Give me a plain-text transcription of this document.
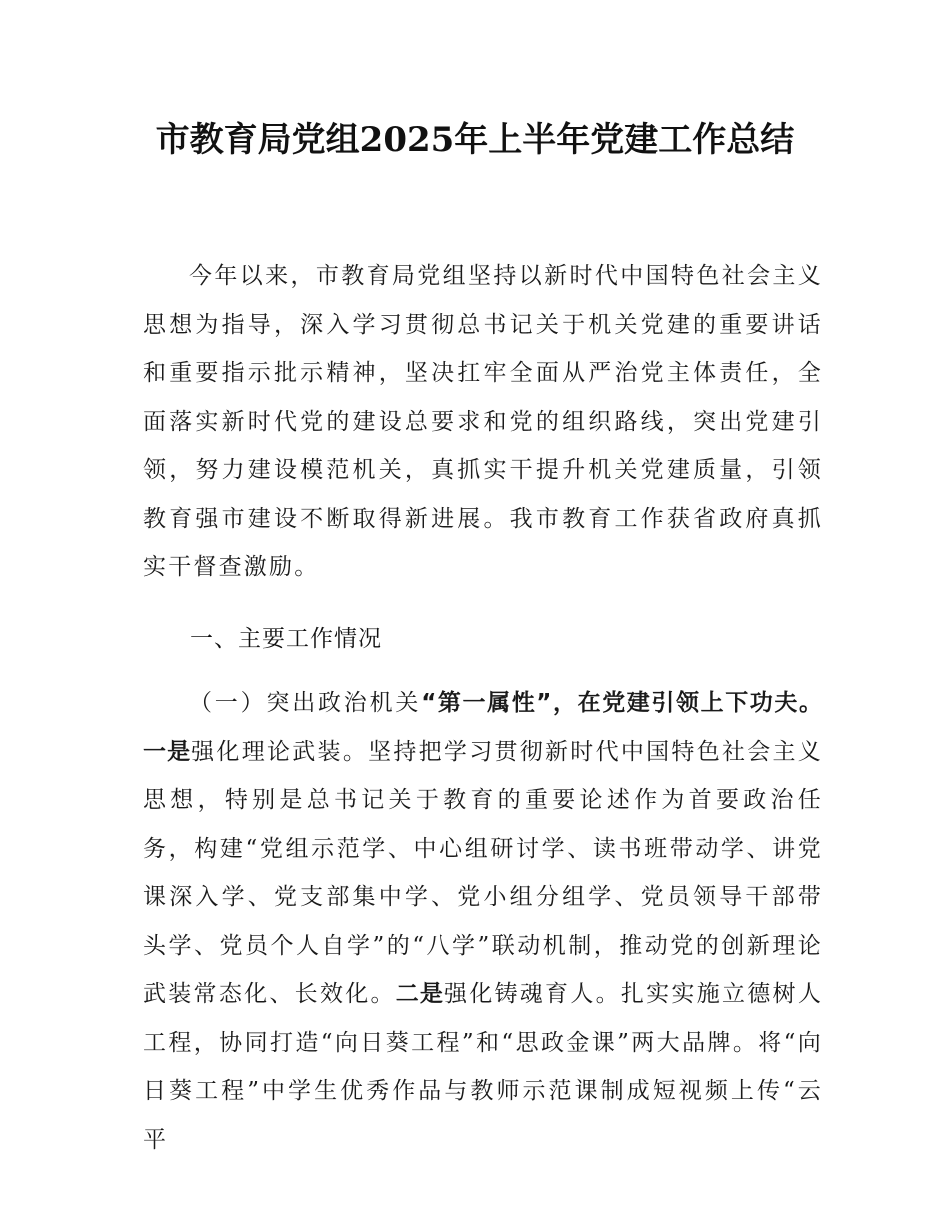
市教育局党组2025年上半年党建工作总结
今年以来，市教育局党组坚持以新时代中国特色社会主义思想为指导，深入学习贯彻总书记关于机关党建的重要讲话和重要指示批示精神，坚决扛牢全面从严治党主体责任，全面落实新时代党的建设总要求和党的组织路线，突出党建引领，努力建设模范机关，真抓实干提升机关党建质量，引领教育强市建设不断取得新进展。我市教育工作获省政府真抓实干督查激励。
一、主要工作情况
（一）突出政治机关“第一属性”，在党建引领上下功夫。一是强化理论武装。坚持把学习贯彻新时代中国特色社会主义思想，特别是总书记关于教育的重要论述作为首要政治任务，构建“党组示范学、中心组研讨学、读书班带动学、讲党课深入学、党支部集中学、党小组分组学、党员领导干部带头学、党员个人自学”的“八学”联动机制，推动党的创新理论武装常态化、长效化。二是强化铸魂育人。扎实实施立德树人工程，协同打造“向日葵工程”和“思政金课”两大品牌。将“向日葵工程”中学生优秀作品与教师示范课制成短视频上传“云平
